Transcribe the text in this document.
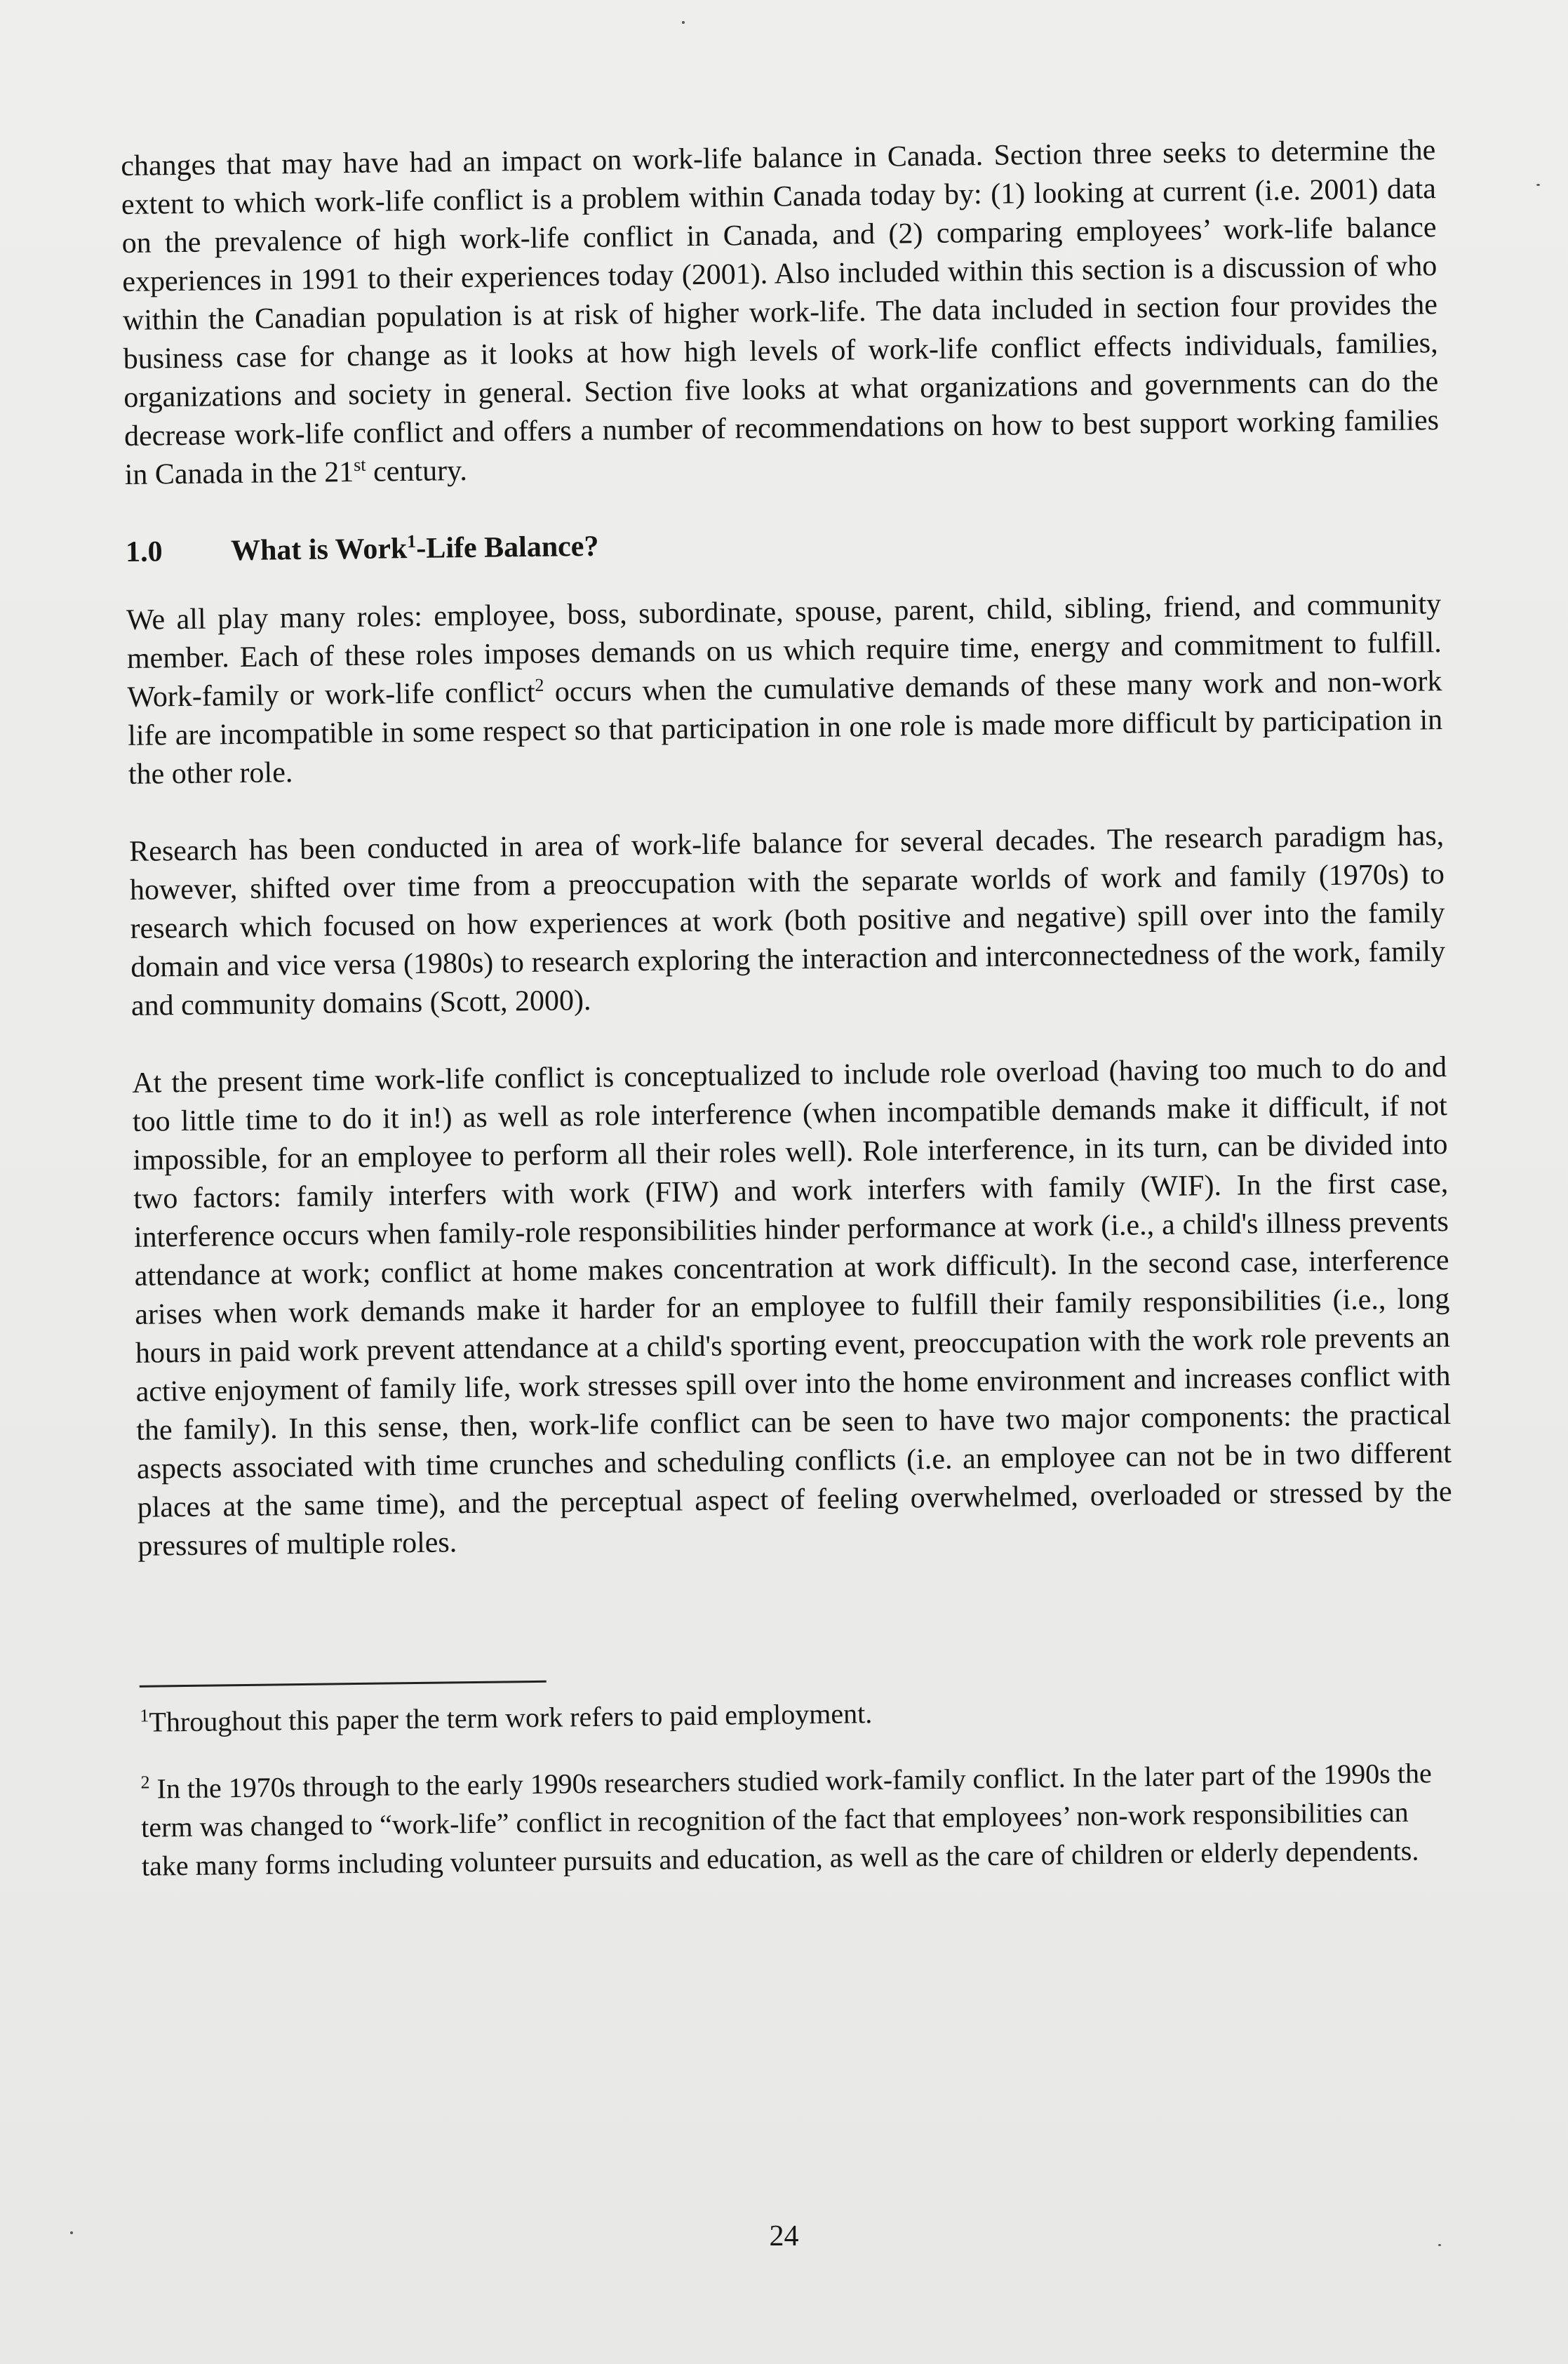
changes that may have had an impact on work-life balance in Canada. Section three seeks to determine the extent to which work-life conflict is a problem within Canada today by: (1) looking at current (i.e. 2001) data on the prevalence of high work-life conflict in Canada, and (2) comparing employees’ work-life balance experiences in 1991 to their experiences today (2001). Also included within this section is a discussion of who within the Canadian population is at risk of higher work-life. The data included in section four provides the business case for change as it looks at how high levels of work-life conflict effects individuals, families, organizations and society in general. Section five looks at what organizations and governments can do the decrease work-life conflict and offers a number of recommendations on how to best support working families in Canada in the 21st century.

1.0 What is Work$^1$-Life Balance?

We all play many roles: employee, boss, subordinate, spouse, parent, child, sibling, friend, and community member. Each of these roles imposes demands on us which require time, energy and commitment to fulfill. Work-family or work-life conflict$^2$ occurs when the cumulative demands of these many work and non-work life are incompatible in some respect so that participation in one role is made more difficult by participation in the other role.

Research has been conducted in area of work-life balance for several decades. The research paradigm has, however, shifted over time from a preoccupation with the separate worlds of work and family (1970s) to research which focused on how experiences at work (both positive and negative) spill over into the family domain and vice versa (1980s) to research exploring the interaction and interconnectedness of the work, family and community domains (Scott, 2000).

At the present time work-life conflict is conceptualized to include role overload (having too much to do and too little time to do it in!) as well as role interference (when incompatible demands make it difficult, if not impossible, for an employee to perform all their roles well). Role interference, in its turn, can be divided into two factors: family interfers with work (FIW) and work interfers with family (WIF). In the first case, interference occurs when family-role responsibilities hinder performance at work (i.e., a child's illness prevents attendance at work; conflict at home makes concentration at work difficult). In the second case, interference arises when work demands make it harder for an employee to fulfill their family responsibilities (i.e., long hours in paid work prevent attendance at a child's sporting event, preoccupation with the work role prevents an active enjoyment of family life, work stresses spill over into the home environment and increases conflict with the family). In this sense, then, work-life conflict can be seen to have two major components: the practical aspects associated with time crunches and scheduling conflicts (i.e. an employee can not be in two different places at the same time), and the perceptual aspect of feeling overwhelmed, overloaded or stressed by the pressures of multiple roles.

$^1$Throughout this paper the term work refers to paid employment.

$^2$ In the 1970s through to the early 1990s researchers studied work-family conflict. In the later part of the 1990s the term was changed to “work-life” conflict in recognition of the fact that employees’ non-work responsibilities can take many forms including volunteer pursuits and education, as well as the care of children or elderly dependents.

24
